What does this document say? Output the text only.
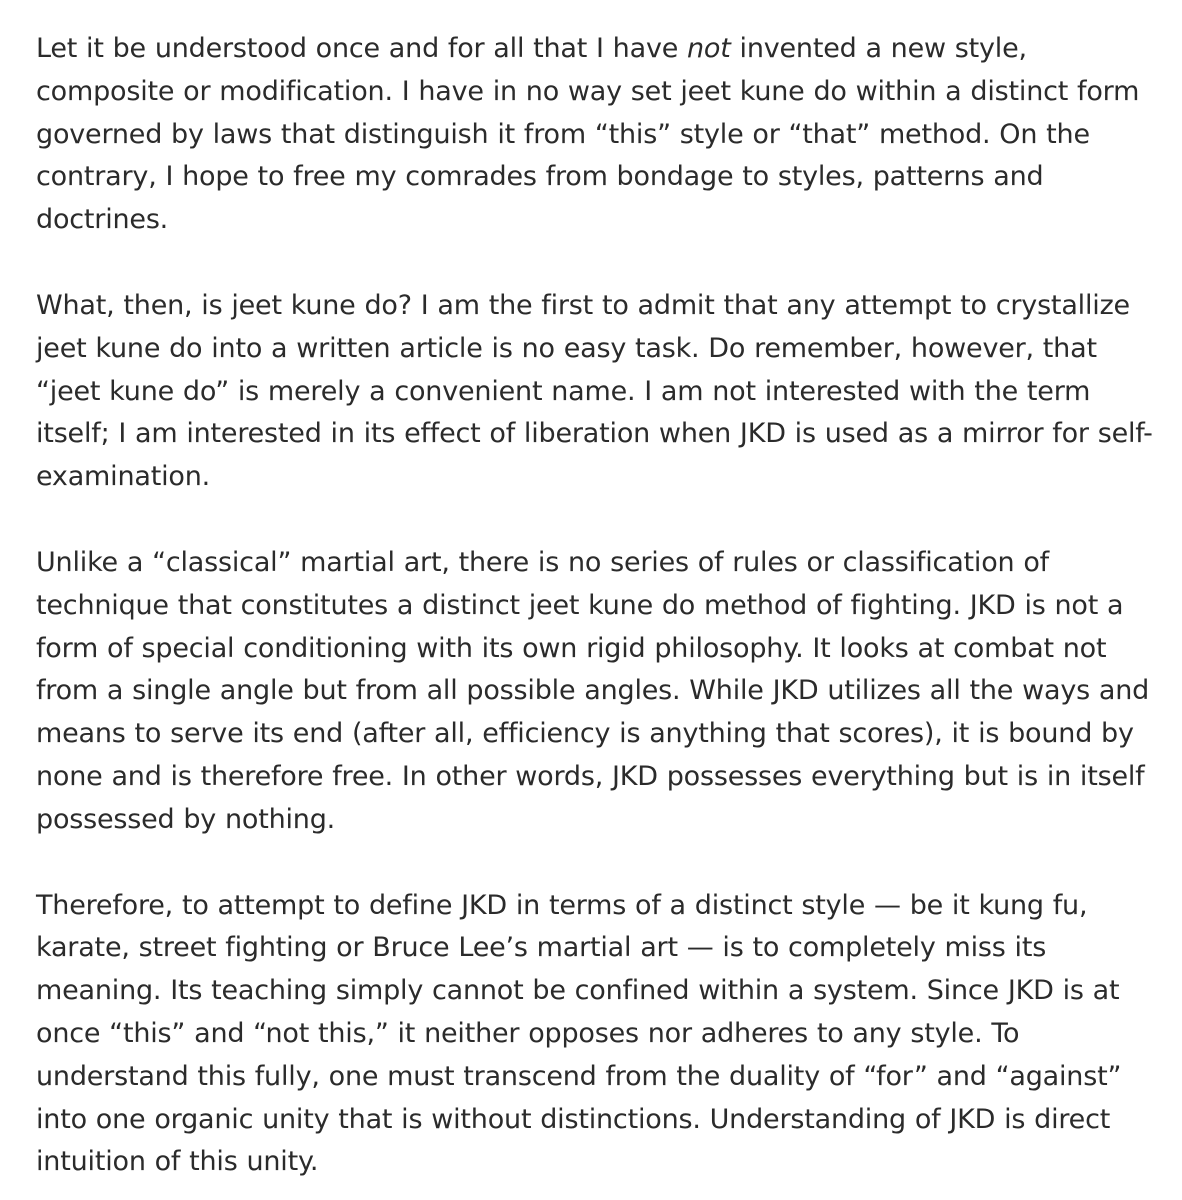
Let it be understood once and for all that I have not invented a new style, composite or modification. I have in no way set jeet kune do within a distinct form governed by laws that distinguish it from “this” style or “that” method. On the contrary, I hope to free my comrades from bondage to styles, patterns and doctrines.

What, then, is jeet kune do? I am the first to admit that any attempt to crystallize jeet kune do into a written article is no easy task. Do remember, however, that “jeet kune do” is merely a convenient name. I am not interested with the term itself; I am interested in its effect of liberation when JKD is used as a mirror for self-examination.

Unlike a “classical” martial art, there is no series of rules or classification of technique that constitutes a distinct jeet kune do method of fighting. JKD is not a form of special conditioning with its own rigid philosophy. It looks at combat not from a single angle but from all possible angles. While JKD utilizes all the ways and means to serve its end (after all, efficiency is anything that scores), it is bound by none and is therefore free. In other words, JKD possesses everything but is in itself possessed by nothing.

Therefore, to attempt to define JKD in terms of a distinct style — be it kung fu, karate, street fighting or Bruce Lee’s martial art — is to completely miss its meaning. Its teaching simply cannot be confined within a system. Since JKD is at once “this” and “not this,” it neither opposes nor adheres to any style. To understand this fully, one must transcend from the duality of “for” and “against” into one organic unity that is without distinctions. Understanding of JKD is direct intuition of this unity.
